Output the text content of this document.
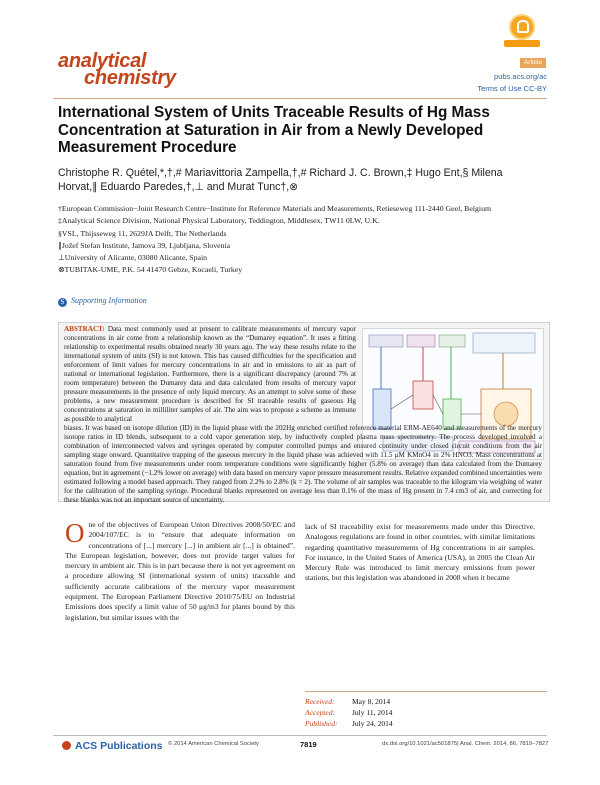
analytical
chemistry
Article
pubs.acs.org/ac
Terms of Use CC-BY
International System of Units Traceable Results of Hg Mass Concentration at Saturation in Air from a Newly Developed Measurement Procedure
Christophe R. Quétel,*,†,# Mariavittoria Zampella,†,# Richard J. C. Brown,‡ Hugo Ent,§ Milena Horvat,∥ Eduardo Paredes,†,⊥ and Murat Tunc†,⊗
†European Commission−Joint Research Centre−Institute for Reference Materials and Measurements, Retieseweg 111-2440 Geel, Belgium
‡Analytical Science Division, National Physical Laboratory, Teddington, Middlesex, TW11 0LW, U.K.
§VSL, Thijsseweg 11, 2629JA Delft, The Netherlands
∥Jožef Stefan Institute, Jamova 39, Ljubljana, Slovenia
⊥University of Alicante, 03080 Alicante, Spain
⊗TUBITAK-UME, P.K. 54 41470 Gebze, Kocaeli, Turkey
S Supporting Information
ABSTRACT: Data most commonly used at present to calibrate measurements of mercury vapor concentrations in air come from a relationship known as the “Dumarey equation”. It uses a fitting relationship to experimental results obtained nearly 30 years ago. The way these results relate to the international system of units (SI) is not known. This has caused difficulties for the specification and enforcement of limit values for mercury concentrations in air and in emissions to air as part of national or international legislation. Furthermore, there is a significant discrepancy (around 7% at room temperature) between the Dumarey data and data calculated from results of mercury vapor pressure measurements in the presence of only liquid mercury. As an attempt to solve some of these problems, a new measurement procedure is described for SI traceable results of gaseous Hg concentrations at saturation in milliliter samples of air. The aim was to propose a scheme as immune as possible to analytical
biases. It was based on isotope dilution (ID) in the liquid phase with the 202Hg enriched certified reference material ERM-AE640 and measurements of the mercury isotope ratios in ID blends, subsequent to a cold vapor generation step, by inductively coupled plasma mass spectrometry. The process developed involved a combination of interconnected valves and syringes operated by computer controlled pumps and ensured continuity under closed circuit conditions from the air sampling stage onward. Quantitative trapping of the gaseous mercury in the liquid phase was achieved with 11.5 μM KMnO4 in 2% HNO3. Mass concentrations at saturation found from five measurements under room temperature conditions were significantly higher (5.8% on average) than data calculated from the Dumarey equation, but in agreement (−1.2% lower on average) with data based on mercury vapor pressure measurement results. Relative expanded combined uncertainties were estimated following a model based approach. They ranged from 2.2% to 2.8% (k = 2). The volume of air samples was traceable to the kilogram via weighing of water for the calibration of the sampling syringe. Procedural blanks represented on average less than 0.1% of the mass of Hg present in 7.4 cm3 of air, and correcting for these blanks was not an important source of uncertainty.
One of the objectives of European Union Directives 2008/50/EC and 2004/107/EC is to “ensure that adequate information on concentrations of [...] mercury [...] in ambient air [...] is obtained”. The European legislation, however, does not provide target values for mercury in ambient air. This is in part because there is not yet agreement on a procedure allowing SI (international system of units) traceable and sufficiently accurate calibrations of the mercury vapor measurement equipment. The European Parliament Directive 2010/75/EU on Industrial Emissions does specify a limit value of 50 μg/m3 for plants bound by this legislation, but similar issues with the
lack of SI traceability exist for measurements made under this Directive. Analogous regulations are found in other countries, with similar limitations regarding quantitative measurements of Hg concentrations in air samples. For instance, in the United States of America (USA), in 2005 the Clean Air Mercury Rule was introduced to limit mercury emissions from power stations, but this legislation was abandoned in 2008 when it became
Received: May 8, 2014
Accepted: July 11, 2014
Published: July 24, 2014
ACS Publications © 2014 American Chemical Society	7819	dx.doi.org/10.1021/ac501875| Anal. Chem. 2014, 86, 7819−7827
